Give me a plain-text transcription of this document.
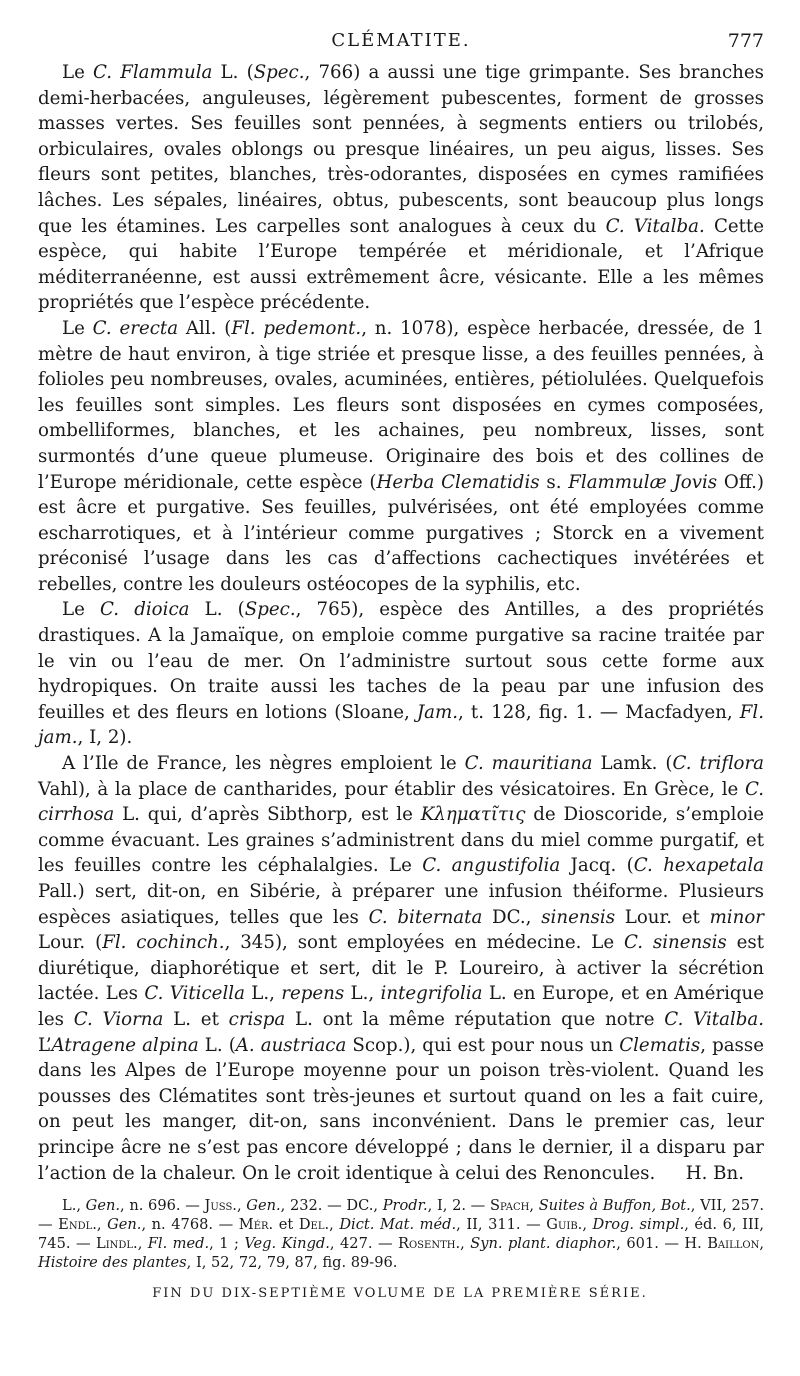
CLÉMATITE.	777

Le C. Flammula L. (Spec., 766) a aussi une tige grimpante. Ses branches demi-herbacées, anguleuses, légèrement pubescentes, forment de grosses masses vertes. Ses feuilles sont pennées, à segments entiers ou trilobés, orbiculaires, ovales oblongs ou presque linéaires, un peu aigus, lisses. Ses fleurs sont petites, blanches, très-odorantes, disposées en cymes ramifiées lâches. Les sépales, linéaires, obtus, pubescents, sont beaucoup plus longs que les étamines. Les carpelles sont analogues à ceux du C. Vitalba. Cette espèce, qui habite l’Europe tempérée et méridionale, et l’Afrique méditerranéenne, est aussi extrêmement âcre, vésicante. Elle a les mêmes propriétés que l’espèce précédente.

Le C. erecta All. (Fl. pedemont., n. 1078), espèce herbacée, dressée, de 1 mètre de haut environ, à tige striée et presque lisse, a des feuilles pennées, à folioles peu nombreuses, ovales, acuminées, entières, pétiolulées. Quelquefois les feuilles sont simples. Les fleurs sont disposées en cymes composées, ombelliformes, blanches, et les achaines, peu nombreux, lisses, sont surmontés d’une queue plumeuse. Originaire des bois et des collines de l’Europe méridionale, cette espèce (Herba Clematidis s. Flammulæ Jovis Off.) est âcre et purgative. Ses feuilles, pulvérisées, ont été employées comme escharrotiques, et à l’intérieur comme purgatives ; Storck en a vivement préconisé l’usage dans les cas d’affections cachectiques invétérées et rebelles, contre les douleurs ostéocopes de la syphilis, etc.

Le C. dioica L. (Spec., 765), espèce des Antilles, a des propriétés drastiques. A la Jamaïque, on emploie comme purgative sa racine traitée par le vin ou l’eau de mer. On l’administre surtout sous cette forme aux hydropiques. On traite aussi les taches de la peau par une infusion des feuilles et des fleurs en lotions (Sloane, Jam., t. 128, fig. 1. — Macfadyen, Fl. jam., I, 2).

A l’Ile de France, les nègres emploient le C. mauritiana Lamk. (C. triflora Vahl), à la place de cantharides, pour établir des vésicatoires. En Grèce, le C. cirrhosa L. qui, d’après Sibthorp, est le Κληματῖτις de Dioscoride, s’emploie comme évacuant. Les graines s’administrent dans du miel comme purgatif, et les feuilles contre les céphalalgies. Le C. angustifolia Jacq. (C. hexapetala Pall.) sert, dit-on, en Sibérie, à préparer une infusion théiforme. Plusieurs espèces asiatiques, telles que les C. biternata DC., sinensis Lour. et minor Lour. (Fl. cochinch., 345), sont employées en médecine. Le C. sinensis est diurétique, diaphorétique et sert, dit le P. Loureiro, à activer la sécrétion lactée. Les C. Viticella L., repens L., integrifolia L. en Europe, et en Amérique les C. Viorna L. et crispa L. ont la même réputation que notre C. Vitalba. L’Atragene alpina L. (A. austriaca Scop.), qui est pour nous un Clematis, passe dans les Alpes de l’Europe moyenne pour un poison très-violent. Quand les pousses des Clématites sont très-jeunes et surtout quand on les a fait cuire, on peut les manger, dit-on, sans inconvénient. Dans le premier cas, leur principe âcre ne s’est pas encore développé ; dans le dernier, il a disparu par l’action de la chaleur. On le croit identique à celui des Renoncules.	H. Bn.

L., Gen., n. 696. — Juss., Gen., 232. — DC., Prodr., I, 2. — Spach, Suites à Buffon, Bot., VII, 257. — Endl., Gen., n. 4768. — Mér. et Del., Dict. Mat. méd., II, 311. — Guib., Drog. simpl., éd. 6, III, 745. — Lindl., Fl. med., 1 ; Veg. Kingd., 427. — Rosenth., Syn. plant. diaphor., 601. — H. Baillon, Histoire des plantes, I, 52, 72, 79, 87, fig. 89-96.

FIN DU DIX-SEPTIÈME VOLUME DE LA PREMIÈRE SÉRIE.
